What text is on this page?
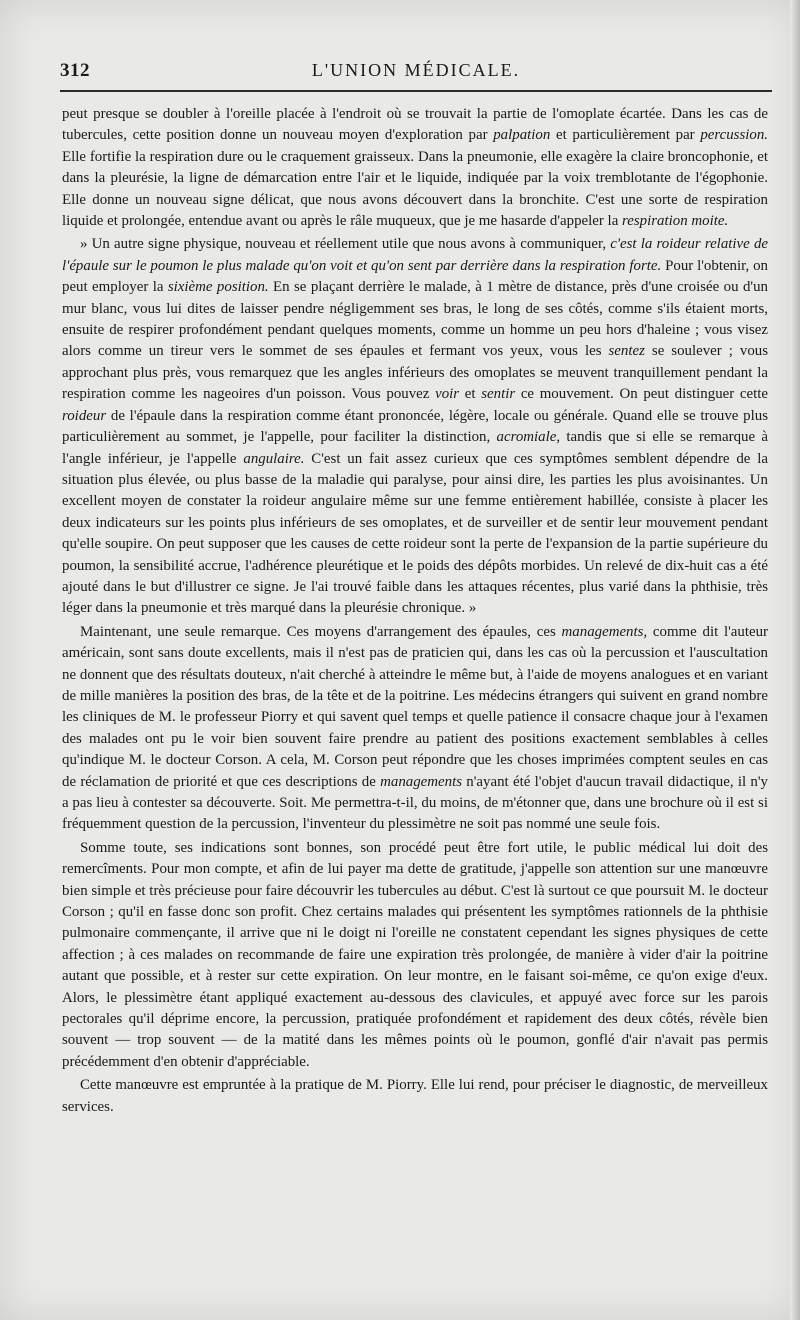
312	L'UNION MÉDICALE.

peut presque se doubler à l'oreille placée à l'endroit où se trouvait la partie de l'omoplate écartée. Dans les cas de tubercules, cette position donne un nouveau moyen d'exploration par palpation et particulièrement par percussion. Elle fortifie la respiration dure ou le craquement graisseux. Dans la pneumonie, elle exagère la claire broncophonie, et dans la pleurésie, la ligne de démarcation entre l'air et le liquide, indiquée par la voix tremblotante de l'égophonie. Elle donne un nouveau signe délicat, que nous avons découvert dans la bronchite. C'est une sorte de respiration liquide et prolongée, entendue avant ou après le râle muqueux, que je me hasarde d'appeler la respiration moite.

» Un autre signe physique, nouveau et réellement utile que nous avons à communiquer, c'est la roideur relative de l'épaule sur le poumon le plus malade qu'on voit et qu'on sent par derrière dans la respiration forte. Pour l'obtenir, on peut employer la sixième position. En se plaçant derrière le malade, à 1 mètre de distance, près d'une croisée ou d'un mur blanc, vous lui dites de laisser pendre négligemment ses bras, le long de ses côtés, comme s'ils étaient morts, ensuite de respirer profondément pendant quelques moments, comme un homme un peu hors d'haleine ; vous visez alors comme un tireur vers le sommet de ses épaules et fermant vos yeux, vous les sentez se soulever ; vous approchant plus près, vous remarquez que les angles inférieurs des omoplates se meuvent tranquillement pendant la respiration comme les nageoires d'un poisson. Vous pouvez voir et sentir ce mouvement. On peut distinguer cette roideur de l'épaule dans la respiration comme étant prononcée, légère, locale ou générale. Quand elle se trouve plus particulièrement au sommet, je l'appelle, pour faciliter la distinction, acromiale, tandis que si elle se remarque à l'angle inférieur, je l'appelle angulaire. C'est un fait assez curieux que ces symptômes semblent dépendre de la situation plus élevée, ou plus basse de la maladie qui paralyse, pour ainsi dire, les parties les plus avoisinantes. Un excellent moyen de constater la roideur angulaire même sur une femme entièrement habillée, consiste à placer les deux indicateurs sur les points plus inférieurs de ses omoplates, et de surveiller et de sentir leur mouvement pendant qu'elle soupire. On peut supposer que les causes de cette roideur sont la perte de l'expansion de la partie supérieure du poumon, la sensibilité accrue, l'adhérence pleurétique et le poids des dépôts morbides. Un relevé de dix-huit cas a été ajouté dans le but d'illustrer ce signe. Je l'ai trouvé faible dans les attaques récentes, plus varié dans la phthisie, très léger dans la pneumonie et très marqué dans la pleurésie chronique. »

Maintenant, une seule remarque. Ces moyens d'arrangement des épaules, ces managements, comme dit l'auteur américain, sont sans doute excellents, mais il n'est pas de praticien qui, dans les cas où la percussion et l'auscultation ne donnent que des résultats douteux, n'ait cherché à atteindre le même but, à l'aide de moyens analogues et en variant de mille manières la position des bras, de la tête et de la poitrine. Les médecins étrangers qui suivent en grand nombre les cliniques de M. le professeur Piorry et qui savent quel temps et quelle patience il consacre chaque jour à l'examen des malades ont pu le voir bien souvent faire prendre au patient des positions exactement semblables à celles qu'indique M. le docteur Corson. A cela, M. Corson peut répondre que les choses imprimées comptent seules en cas de réclamation de priorité et que ces descriptions de managements n'ayant été l'objet d'aucun travail didactique, il n'y a pas lieu à contester sa découverte. Soit. Me permettra-t-il, du moins, de m'étonner que, dans une brochure où il est si fréquemment question de la percussion, l'inventeur du plessimètre ne soit pas nommé une seule fois.

Somme toute, ses indications sont bonnes, son procédé peut être fort utile, le public médical lui doit des remercîments. Pour mon compte, et afin de lui payer ma dette de gratitude, j'appelle son attention sur une manœuvre bien simple et très précieuse pour faire découvrir les tubercules au début. C'est là surtout ce que poursuit M. le docteur Corson ; qu'il en fasse donc son profit. Chez certains malades qui présentent les symptômes rationnels de la phthisie pulmonaire commençante, il arrive que ni le doigt ni l'oreille ne constatent cependant les signes physiques de cette affection ; à ces malades on recommande de faire une expiration très prolongée, de manière à vider d'air la poitrine autant que possible, et à rester sur cette expiration. On leur montre, en le faisant soi-même, ce qu'on exige d'eux. Alors, le plessimètre étant appliqué exactement au-dessous des clavicules, et appuyé avec force sur les parois pectorales qu'il déprime encore, la percussion, pratiquée profondément et rapidement des deux côtés, révèle bien souvent — trop souvent — de la matité dans les mêmes points où le poumon, gonflé d'air n'avait pas permis précédemment d'en obtenir d'appréciable.

Cette manœuvre est empruntée à la pratique de M. Piorry. Elle lui rend, pour préciser le diagnostic, de merveilleux services.
